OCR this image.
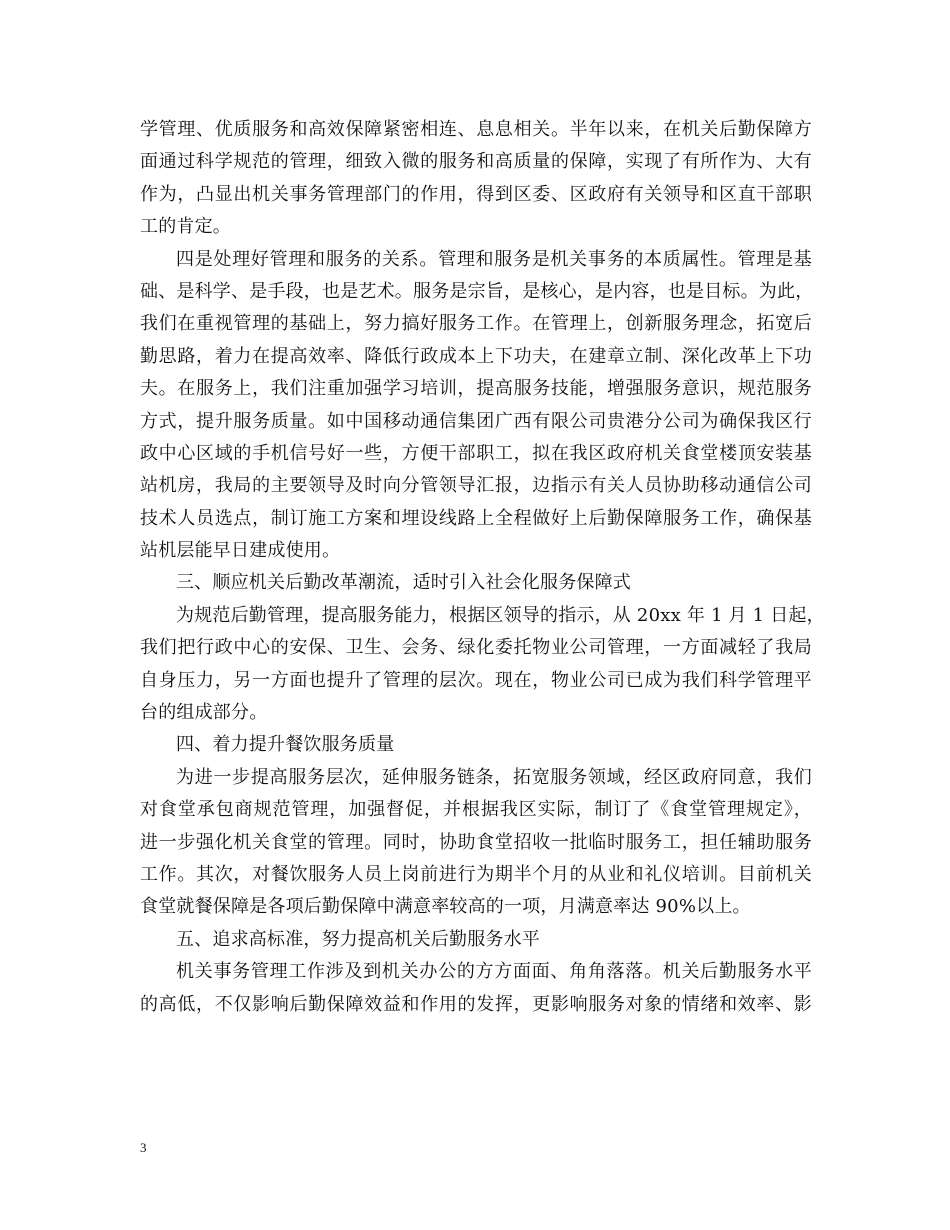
学管理、优质服务和高效保障紧密相连、息息相关。半年以来，在机关后勤保障方
面通过科学规范的管理，细致入微的服务和高质量的保障，实现了有所作为、大有
作为，凸显出机关事务管理部门的作用，得到区委、区政府有关领导和区直干部职
工的肯定。
四是处理好管理和服务的关系。管理和服务是机关事务的本质属性。管理是基
础、是科学、是手段，也是艺术。服务是宗旨，是核心，是内容，也是目标。为此，
我们在重视管理的基础上，努力搞好服务工作。在管理上，创新服务理念，拓宽后
勤思路，着力在提高效率、降低行政成本上下功夫，在建章立制、深化改革上下功
夫。在服务上，我们注重加强学习培训，提高服务技能，增强服务意识，规范服务
方式，提升服务质量。如中国移动通信集团广西有限公司贵港分公司为确保我区行
政中心区域的手机信号好一些，方便干部职工，拟在我区政府机关食堂楼顶安装基
站机房，我局的主要领导及时向分管领导汇报，边指示有关人员协助移动通信公司
技术人员选点，制订施工方案和埋设线路上全程做好上后勤保障服务工作，确保基
站机层能早日建成使用。
三、顺应机关后勤改革潮流，适时引入社会化服务保障式
为规范后勤管理，提高服务能力，根据区领导的指示，从 20xx 年 1 月 1 日起，
我们把行政中心的安保、卫生、会务、绿化委托物业公司管理，一方面减轻了我局
自身压力，另一方面也提升了管理的层次。现在，物业公司已成为我们科学管理平
台的组成部分。
四、着力提升餐饮服务质量
为进一步提高服务层次，延伸服务链条，拓宽服务领域，经区政府同意，我们
对食堂承包商规范管理，加强督促，并根据我区实际，制订了《食堂管理规定》，
进一步强化机关食堂的管理。同时，协助食堂招收一批临时服务工，担任辅助服务
工作。其次，对餐饮服务人员上岗前进行为期半个月的从业和礼仪培训。目前机关
食堂就餐保障是各项后勤保障中满意率较高的一项，月满意率达 90%以上。
五、追求高标准，努力提高机关后勤服务水平
机关事务管理工作涉及到机关办公的方方面面、角角落落。机关后勤服务水平
的高低，不仅影响后勤保障效益和作用的发挥，更影响服务对象的情绪和效率、影
3
